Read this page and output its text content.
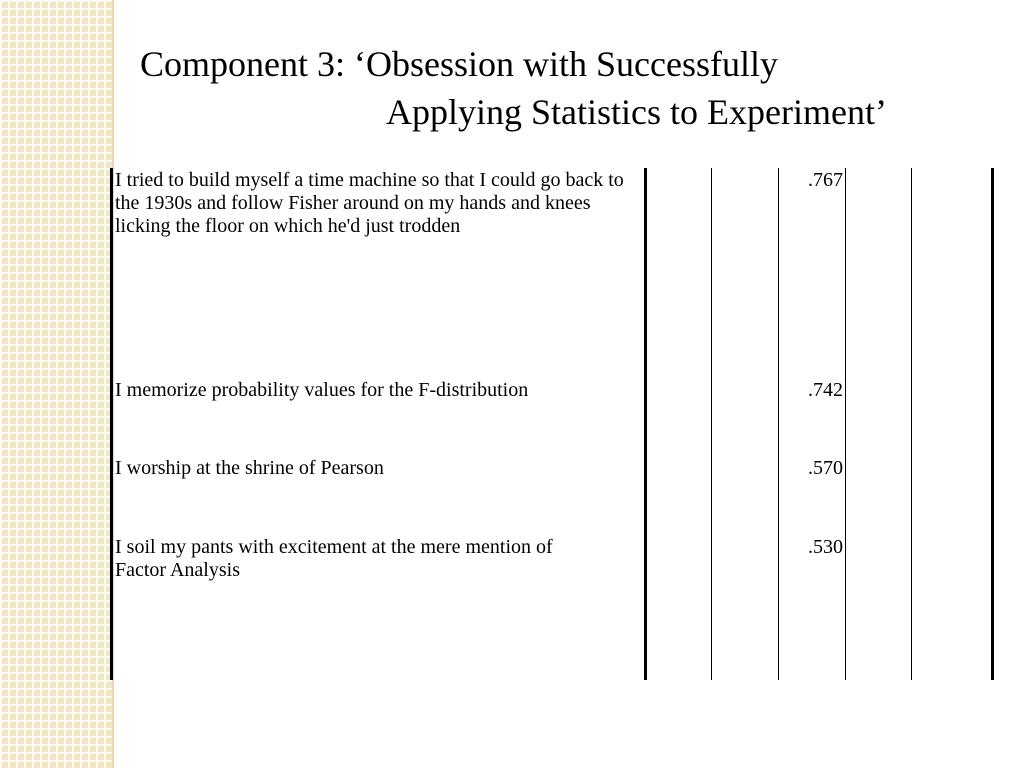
Component 3: ‘Obsession with Successfully
Applying Statistics to Experiment’
I tried to build myself a time machine so that I could go back to the 1930s and follow Fisher around on my hands and knees licking the floor on which he'd just trodden
.767
I memorize probability values for the F-distribution	.742
I worship at the shrine of Pearson	.570
I soil my pants with excitement at the mere mention of Factor Analysis
.530
